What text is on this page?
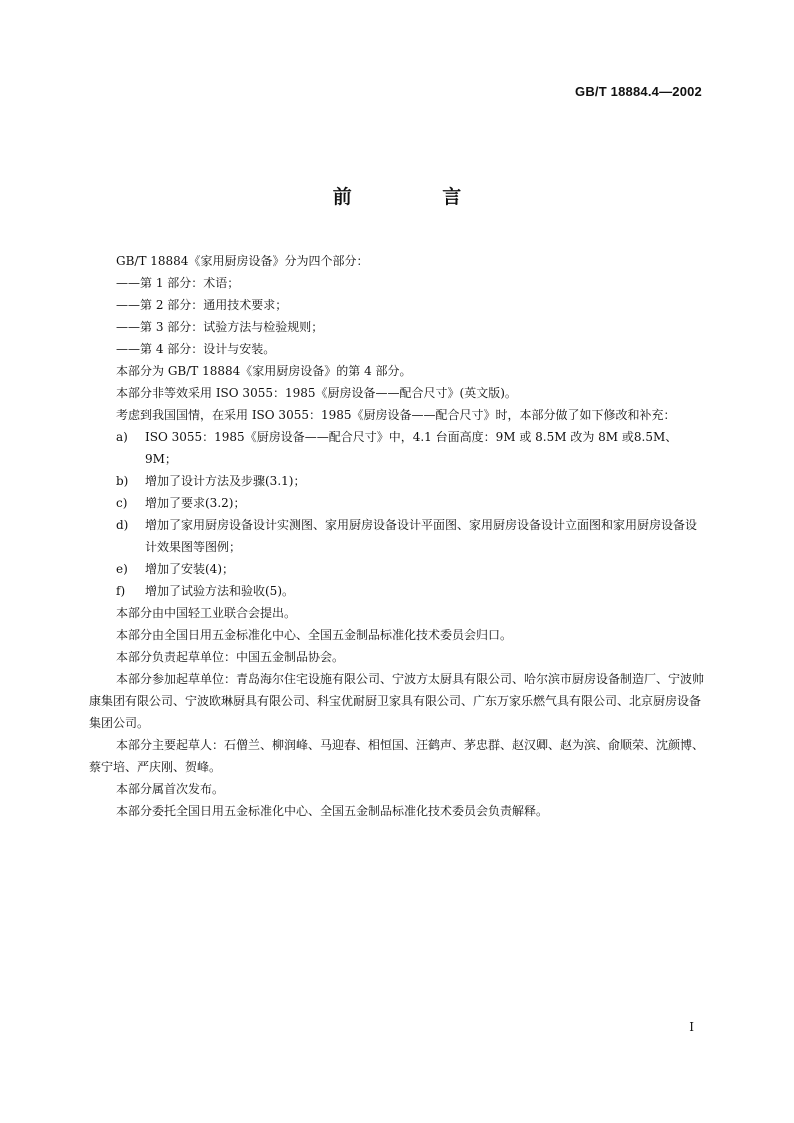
GB/T 18884.4—2002
前 言

GB/T 18884《家用厨房设备》分为四个部分：

——第 1 部分：术语；

——第 2 部分：通用技术要求；

——第 3 部分：试验方法与检验规则；

——第 4 部分：设计与安装。

本部分为 GB/T 18884《家用厨房设备》的第 4 部分。

本部分非等效采用 ISO 3055：1985《厨房设备——配合尺寸》(英文版)。

考虑到我国国情，在采用 ISO 3055：1985《厨房设备——配合尺寸》时，本部分做了如下修改和补充：

a)	ISO 3055：1985《厨房设备——配合尺寸》中，4.1 台面高度：9M 或 8.5M 改为 8M 或8.5M、9M；
b)	增加了设计方法及步骤(3.1)；
c)	增加了要求(3.2)；
d)	增加了家用厨房设备设计实测图、家用厨房设备设计平面图、家用厨房设备设计立面图和家用厨房设备设计效果图等图例；
e)	增加了安装(4)；
f)	增加了试验方法和验收(5)。

本部分由中国轻工业联合会提出。

本部分由全国日用五金标准化中心、全国五金制品标准化技术委员会归口。

本部分负责起草单位：中国五金制品协会。

本部分参加起草单位：青岛海尔住宅设施有限公司、宁波方太厨具有限公司、哈尔滨市厨房设备制造厂、宁波帅康集团有限公司、宁波欧琳厨具有限公司、科宝优耐厨卫家具有限公司、广东万家乐燃气具有限公司、北京厨房设备集团公司。

本部分主要起草人：石僧兰、柳润峰、马迎春、相恒国、汪鹤声、茅忠群、赵汉卿、赵为滨、俞顺荣、沈颜博、蔡宁培、严庆刚、贺峰。

本部分属首次发布。

本部分委托全国日用五金标准化中心、全国五金制品标准化技术委员会负责解释。

I
